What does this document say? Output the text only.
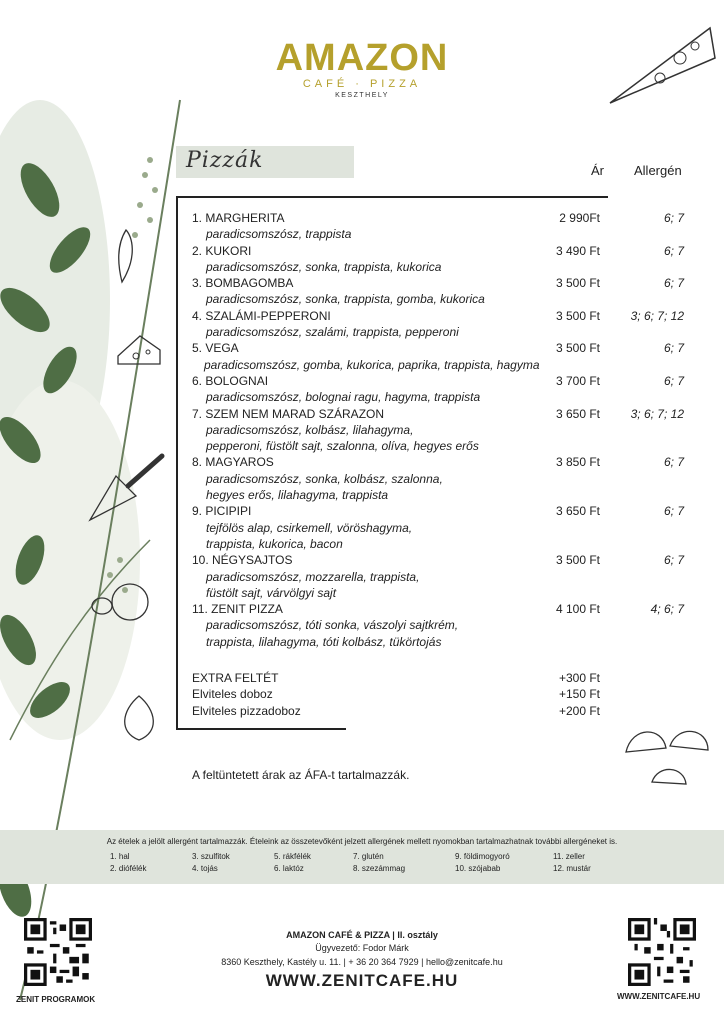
AMAZON
CAFÉ · PIZZA
KESZTHELY
Pizzák	Ár Allergén
1. MARGHERITA	2 990Ft	6; 7
paradicsomszósz, trappista
2. KUKORI	3 490 Ft	6; 7
paradicsomszósz, sonka, trappista, kukorica
3. BOMBAGOMBA	3 500 Ft	6; 7
paradicsomszósz, sonka, trappista, gomba, kukorica
4. SZALÁMI-PEPPERONI	3 500 Ft	3; 6; 7; 12
paradicsomszósz, szalámi, trappista, pepperoni
5. VEGA	3 500 Ft	6; 7
paradicsomszósz, gomba, kukorica, paprika, trappista, hagyma
6. BOLOGNAI	3 700 Ft	6; 7
paradicsomszósz, bolognai ragu, hagyma, trappista
7. SZEM NEM MARAD SZÁRAZON	3 650 Ft	3; 6; 7; 12
paradicsomszósz, kolbász, lilahagyma,
pepperoni, füstölt sajt, szalonna, olíva, hegyes erős
8. MAGYAROS	3 850 Ft	6; 7
paradicsomszósz, sonka, kolbász, szalonna,
hegyes erős, lilahagyma, trappista
9. PICIPIPI	3 650 Ft	6; 7
tejfölös alap, csirkemell, vöröshagyma,
trappista, kukorica, bacon
10. NÉGYSAJTOS	3 500 Ft	6; 7
paradicsomszósz, mozzarella, trappista,
füstölt sajt, várvölgyi sajt
11. ZENIT PIZZA	4 100 Ft	4; 6; 7
paradicsomszósz, tóti sonka, vászolyi sajtkrém,
trappista, lilahagyma, tóti kolbász, tükörtojás
EXTRA FELTÉT	+300 Ft
Elviteles doboz	+150 Ft
Elviteles pizzadoboz	+200 Ft
A feltüntetett árak az ÁFA-t tartalmazzák.
Az ételek a jelölt allergént tartalmazzák. Ételeink az összetevőként jelzett allergének mellett nyomokban tartalmazhatnak további allergéneket is.
1. hal
2. diófélék
3. szulfitok
4. tojás
5. rákfélék
6. laktóz
7. glutén
8. szezámmag
9. földimogyoró
10. szójabab
11. zeller
12. mustár
ZENIT PROGRAMOK	WWW.ZENITCAFE.HU
AMAZON CAFÉ & PIZZA | II. osztály
Ügyvezető: Fodor Márk
8360 Keszthely, Kastély u. 11. | + 36 20 364 7929 | hello@zenitcafe.hu
WWW.ZENITCAFE.HU
